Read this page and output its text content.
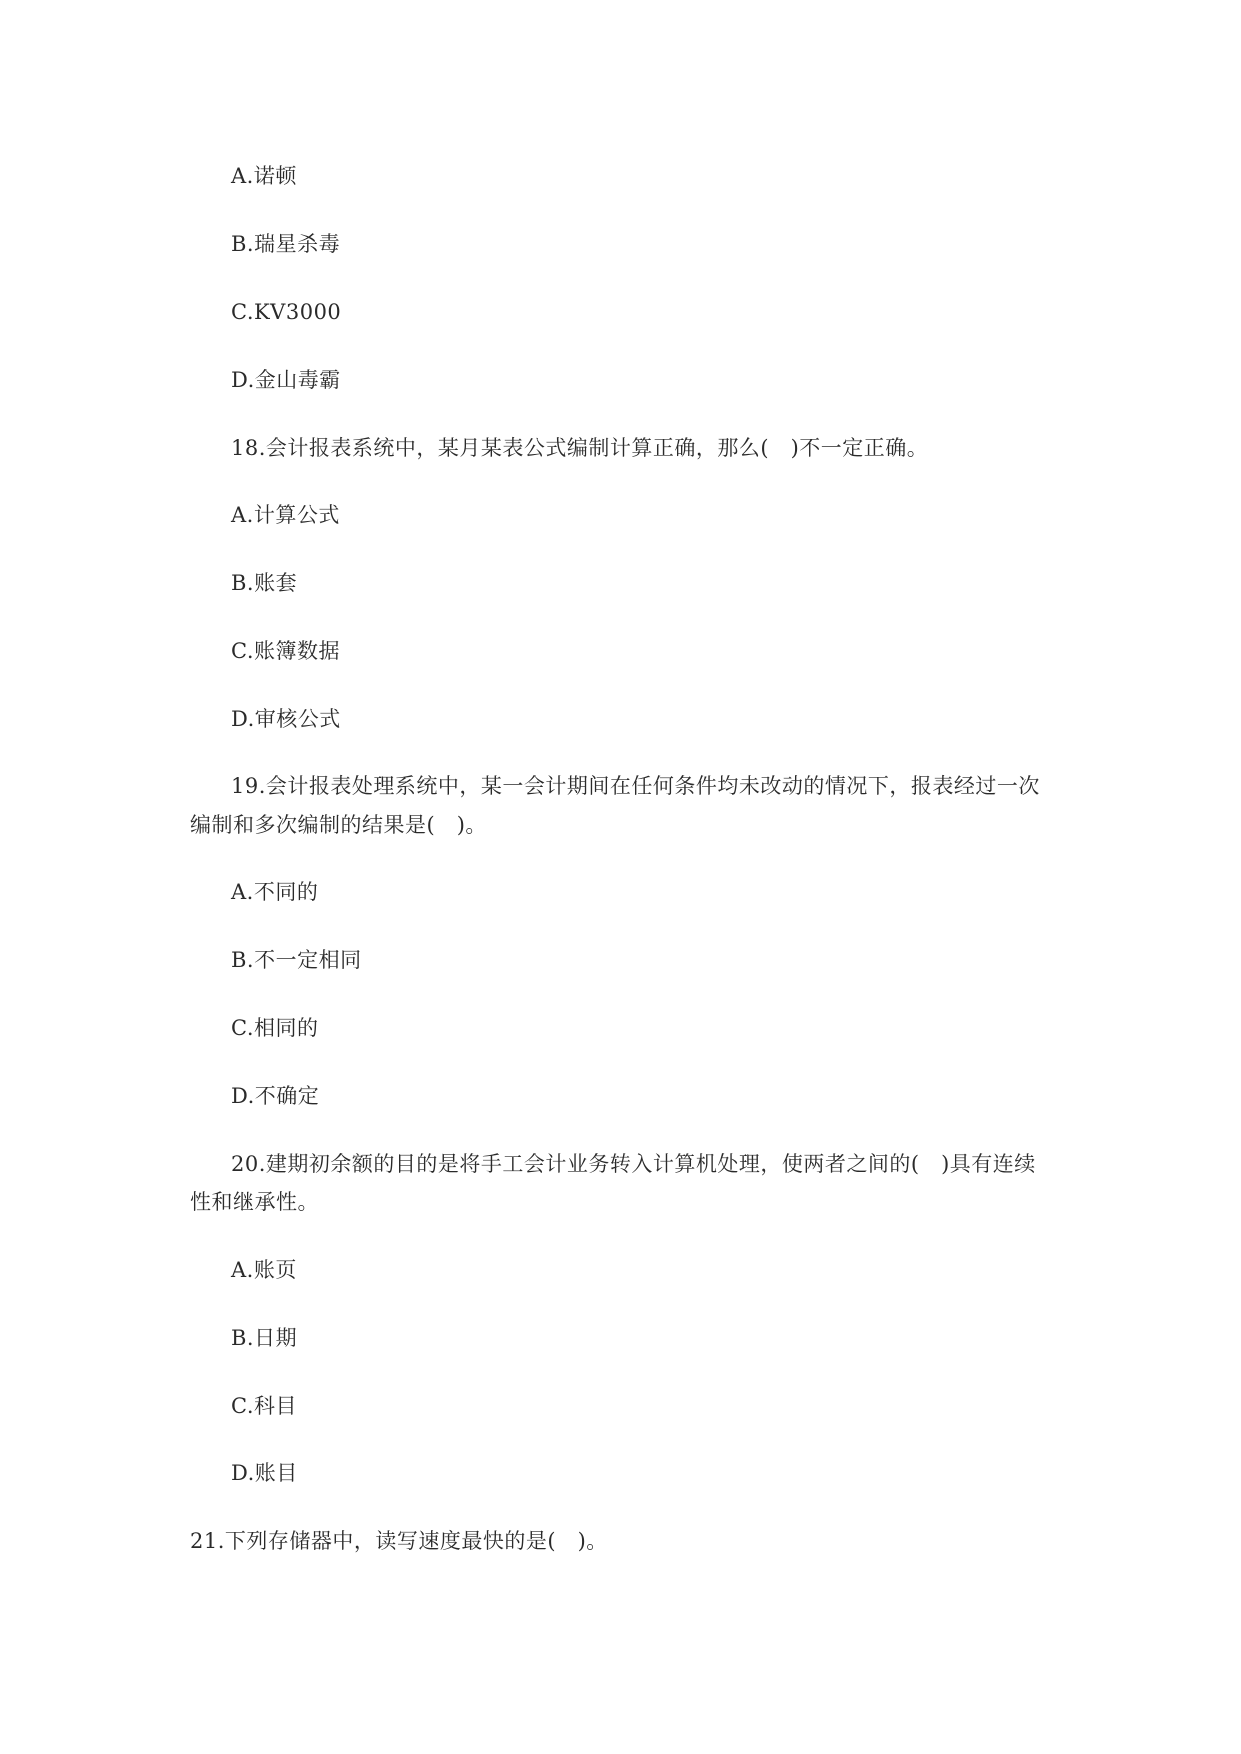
A.诺顿
B.瑞星杀毒
C.KV3000
D.金山毒霸
18.会计报表系统中，某月某表公式编制计算正确，那么(　)不一定正确。
A.计算公式
B.账套
C.账簿数据
D.审核公式
19.会计报表处理系统中，某一会计期间在任何条件均未改动的情况下，报表经过一次
编制和多次编制的结果是(　)。
A.不同的
B.不一定相同
C.相同的
D.不确定
20.建期初余额的目的是将手工会计业务转入计算机处理，使两者之间的(　)具有连续
性和继承性。
A.账页
B.日期
C.科目
D.账目
21.下列存储器中，读写速度最快的是(　)。
